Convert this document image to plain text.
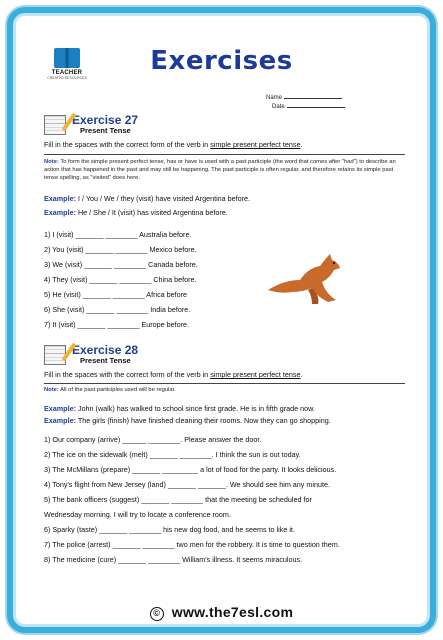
TEACHER
CREATED RESOURCES
Exercises
Name
Date
Exercise 27
Present Tense
Fill in the spaces with the correct form of the verb in simple present perfect tense.
Note: To form the simple present perfect tense, has or have is used with a past participle (the word that comes after "had") to describe an action that has happened in the past and may still be happening. The past participle is often regular, and therefore retains its simple past tense spelling, as "visited" does here.
Example: I / You / We / they (visit) have visited Argentina before.
Example: He / She / It (visit) has visited Argentina before.
1) I (visit) _______ ________ Australia before.
2) You (visit) _______ ________ Mexico before.
3) We (visit) _______ ________ Canada before.
4) They (visit) _______ ________ China before.
5) He (visit) _______ ________ Africa before
6) She (visit) _______ ________ India before.
7) It (visit) _______ ________ Europe before.
Exercise 28
Present Tense
Fill in the spaces with the correct form of the verb in simple present perfect tense.
Note: All of the past participles used will be regular.
Example: John (walk) has walked to school since first grade. He is in fifth grade now.
Example: The girls (finish) have finished cleaning their rooms. Now they can go shopping.
1) Our company (arrive) ______ ________. Please answer the door.
2) The ice on the sidewalk (melt) _______ ________. I think the sun is out today.
3) The McMillans (prepare) _______ _________ a lot of food for the party. It looks delicious.
4) Tony's flight from New Jersey (land) _______ _______. We should see him any minute.
5) The bank officers (suggest) _______ ________ that the meeting be scheduled for
Wednesday morning. I will try to locate a conference room.
6) Sparky (taste) _______ ________ his new dog food, and he seems to like it.
7) The police (arrest) _______ ________ two men for the robbery. It is time to question them.
8) The medicine (cure) _______ ________ William's illness. It seems miraculous.
© www.the7esl.com
